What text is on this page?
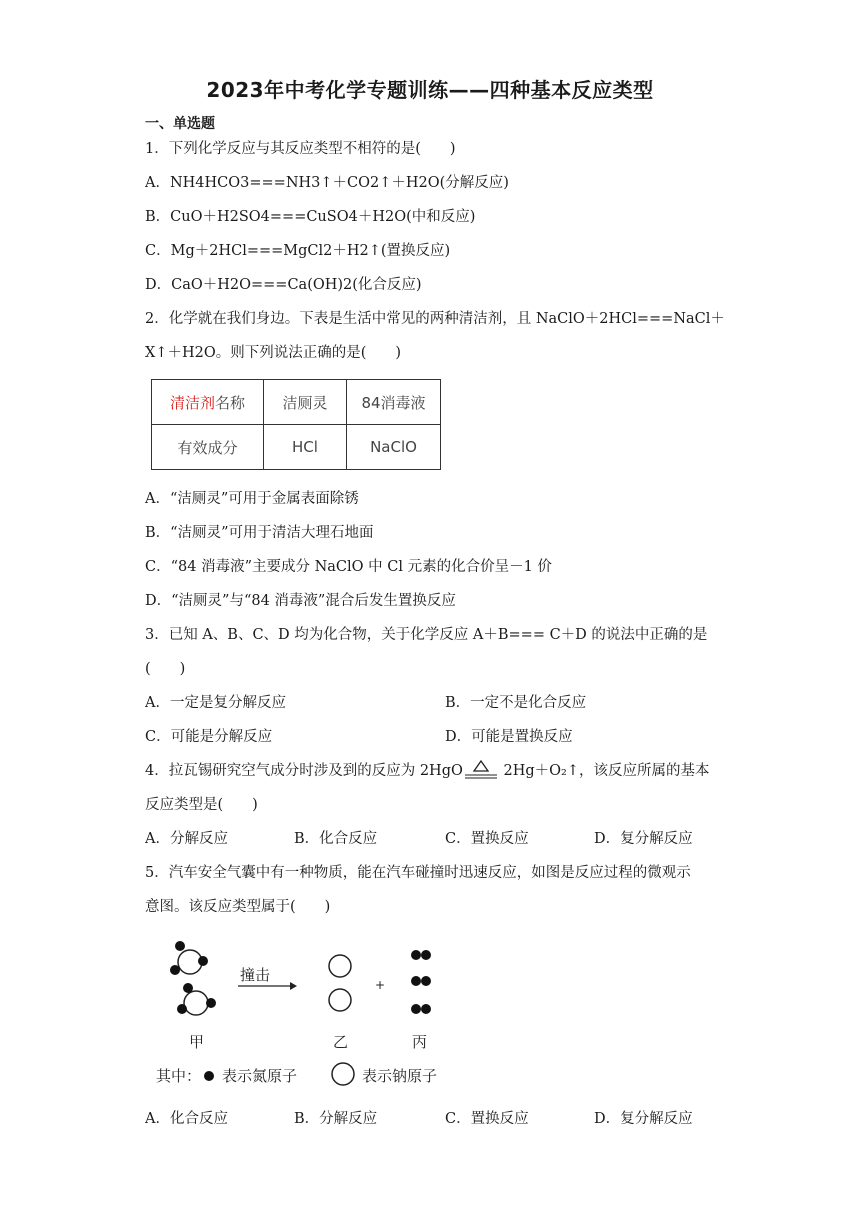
2023年中考化学专题训练——四种基本反应类型
一、单选题
1．下列化学反应与其反应类型不相符的是(　　)
A．NH4HCO3===NH3↑＋CO2↑＋H2O(分解反应)
B．CuO＋H2SO4===CuSO4＋H2O(中和反应)
C．Mg＋2HCl===MgCl2＋H2↑(置换反应)
D．CaO＋H2O===Ca(OH)2(化合反应)
2．化学就在我们身边。下表是生活中常见的两种清洁剂，且 NaClO＋2HCl===NaCl＋
X↑＋H2O。则下列说法正确的是(　　)
清洁剂名称	洁厕灵	84消毒液
有效成分	HCl	NaClO
A．“洁厕灵”可用于金属表面除锈
B．“洁厕灵”可用于清洁大理石地面
C．“84 消毒液”主要成分 NaClO 中 Cl 元素的化合价呈－1 价
D．“洁厕灵”与“84 消毒液”混合后发生置换反应
3．已知 A、B、C、D 均为化合物，关于化学反应 A＋B=== C＋D 的说法中正确的是
(　　)
A．一定是复分解反应	B．一定不是化合反应
C．可能是分解反应	D．可能是置换反应
4．拉瓦锡研究空气成分时涉及到的反应为 2HgO
2Hg＋O₂↑，该反应所属的基本
反应类型是(　　)
A．分解反应	B．化合反应	C．置换反应	D．复分解反应
5．汽车安全气囊中有一种物质，能在汽车碰撞时迅速反应，如图是反应过程的微观示
意图。该反应类型属于(　　)
撞击
+
甲	乙	丙
其中： 表示氮原子	表示钠原子
A．化合反应	B．分解反应	C．置换反应	D．复分解反应
